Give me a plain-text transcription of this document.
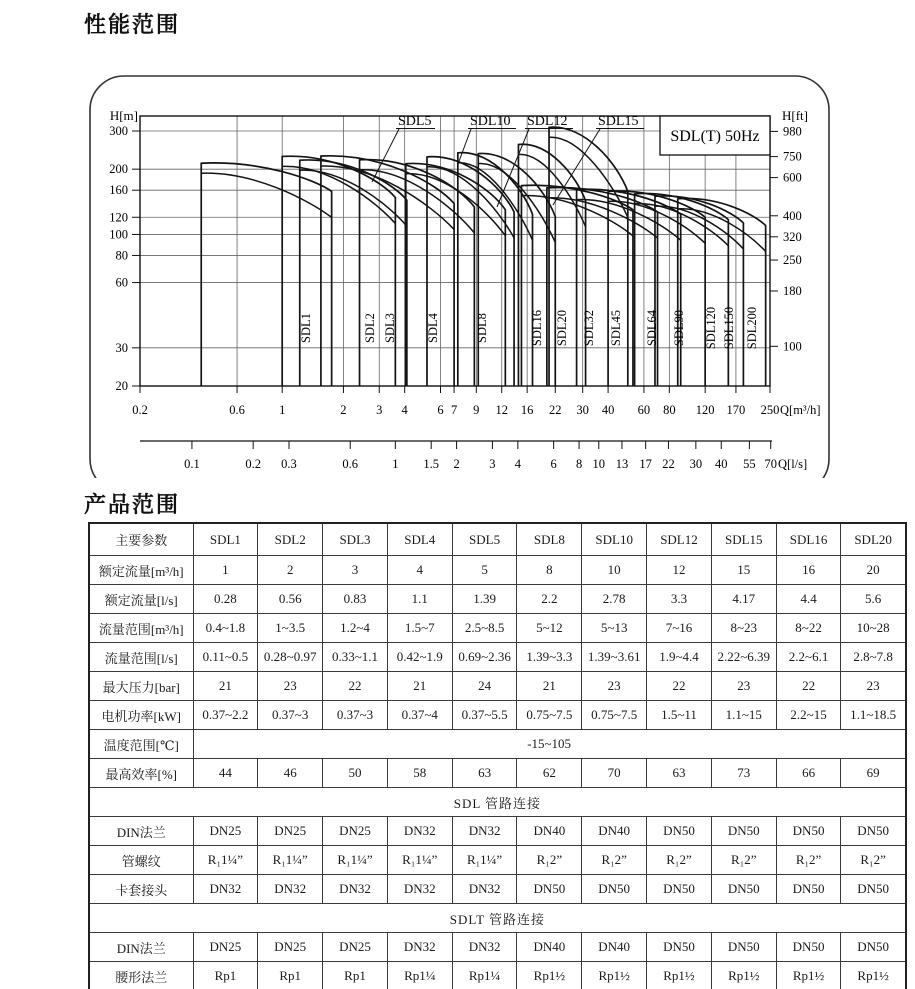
性能范围
H[m]
20
30
60
80
100
120
160
200
300
H[ft]
100
180
250
320
400
600
750
980
0.2	0.6	1	2 3 4 6 7 9 12 16 22 30 40 60 80 120 170 250 Q[m³/h]
SDL(T) 50Hz
SDL1	SDL2 SDL3 SDL4	SDL8	SDL16 SDL20 SDL32 SDL45 SDL64 SDL90 SDL120 SDL150 SDL200
SDL5	SDL10 SDL12 SDL15
0.1	0.2 0.3	0.6	1 1.5 2 3 4 6 8 10 13 17 22 30 40 55 70 Q[l/s]
产品范围
主要参数	SDL1	SDL2	SDL3	SDL4	SDL5	SDL8	SDL10	SDL12	SDL15	SDL16	SDL20
额定流量[m³/h]	1	2	3	4	5	8	10	12	15	16	20
额定流量[l/s]	0.28	0.56	0.83	1.1	1.39	2.2	2.78	3.3	4.17	4.4	5.6
流量范围[m³/h]	0.4~1.8	1~3.5	1.2~4	1.5~7	2.5~8.5	5~12	5~13	7~16	8~23	8~22	10~28
流量范围[l/s]	0.11~0.5	0.28~0.97	0.33~1.1	0.42~1.9	0.69~2.36	1.39~3.3	1.39~3.61	1.9~4.4	2.22~6.39	2.2~6.1	2.8~7.8
最大压力[bar]	21	23	22	21	24	21	23	22	23	22	23
电机功率[kW]	0.37~2.2	0.37~3	0.37~3	0.37~4	0.37~5.5	0.75~7.5	0.75~7.5	1.5~11	1.1~15	2.2~15	1.1~18.5
温度范围[℃]	-15~105										
最高效率[%]	44	46	50	58	63	62	70	63	73	66	69
SDL 管路连接											
DIN法兰	DN25	DN25	DN25	DN32	DN32	DN40	DN40	DN50	DN50	DN50	DN50
管螺纹	R₁1¼”	R₁1¼”	R₁1¼”	R₁1¼”	R₁1¼”	R₁2”	R₁2”	R₁2”	R₁2”	R₁2”	R₁2”
卡套接头	DN32	DN32	DN32	DN32	DN32	DN50	DN50	DN50	DN50	DN50	DN50
SDLT 管路连接											
DIN法兰	DN25	DN25	DN25	DN32	DN32	DN40	DN40	DN50	DN50	DN50	DN50
腰形法兰	Rp1	Rp1	Rp1	Rp1¼	Rp1¼	Rp1½	Rp1½	Rp1½	Rp1½	Rp1½	Rp1½
